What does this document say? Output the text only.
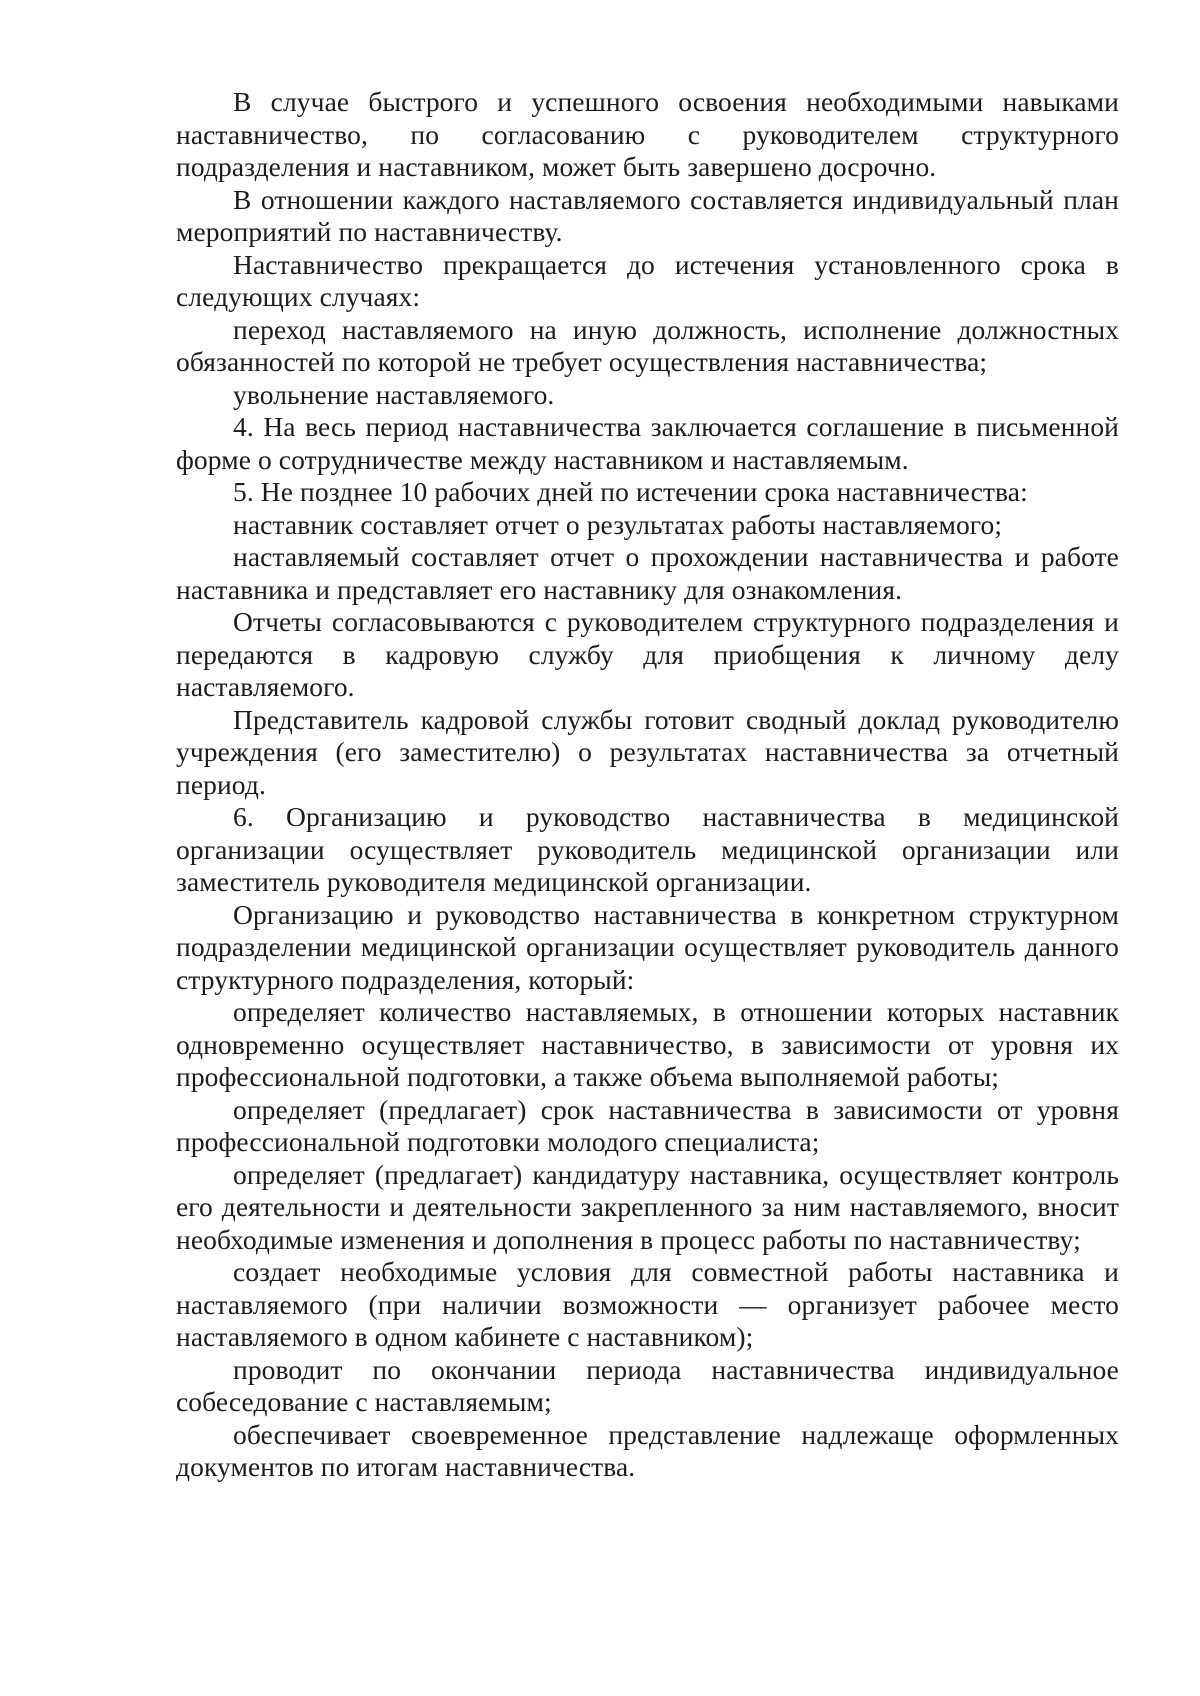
В случае быстрого и успешного освоения необходимыми навыками наставничество, по согласованию с руководителем структурного подразделения и наставником, может быть завершено досрочно.

В отношении каждого наставляемого составляется индивидуальный план мероприятий по наставничеству.

Наставничество прекращается до истечения установленного срока в следующих случаях:

переход наставляемого на иную должность, исполнение должностных обязанностей по которой не требует осуществления наставничества;

увольнение наставляемого.

4. На весь период наставничества заключается соглашение в письменной форме о сотрудничестве между наставником и наставляемым.

5. Не позднее 10 рабочих дней по истечении срока наставничества:

наставник составляет отчет о результатах работы наставляемого;

наставляемый составляет отчет о прохождении наставничества и работе наставника и представляет его наставнику для ознакомления.

Отчеты согласовываются с руководителем структурного подразделения и передаются в кадровую службу для приобщения к личному делу наставляемого.

Представитель кадровой службы готовит сводный доклад руководителю учреждения (его заместителю) о результатах наставничества за отчетный период.

6. Организацию и руководство наставничества в медицинской организации осуществляет руководитель медицинской организации или заместитель руководителя медицинской организации.

Организацию и руководство наставничества в конкретном структурном подразделении медицинской организации осуществляет руководитель данного структурного подразделения, который:

определяет количество наставляемых, в отношении которых наставник одновременно осуществляет наставничество, в зависимости от уровня их профессиональной подготовки, а также объема выполняемой работы;

определяет (предлагает) срок наставничества в зависимости от уровня профессиональной подготовки молодого специалиста;

определяет (предлагает) кандидатуру наставника, осуществляет контроль его деятельности и деятельности закрепленного за ним наставляемого, вносит необходимые изменения и дополнения в процесс работы по наставничеству;

создает необходимые условия для совместной работы наставника и наставляемого (при наличии возможности — организует рабочее место наставляемого в одном кабинете с наставником);

проводит по окончании периода наставничества индивидуальное собеседование с наставляемым;

обеспечивает своевременное представление надлежаще оформленных документов по итогам наставничества.
